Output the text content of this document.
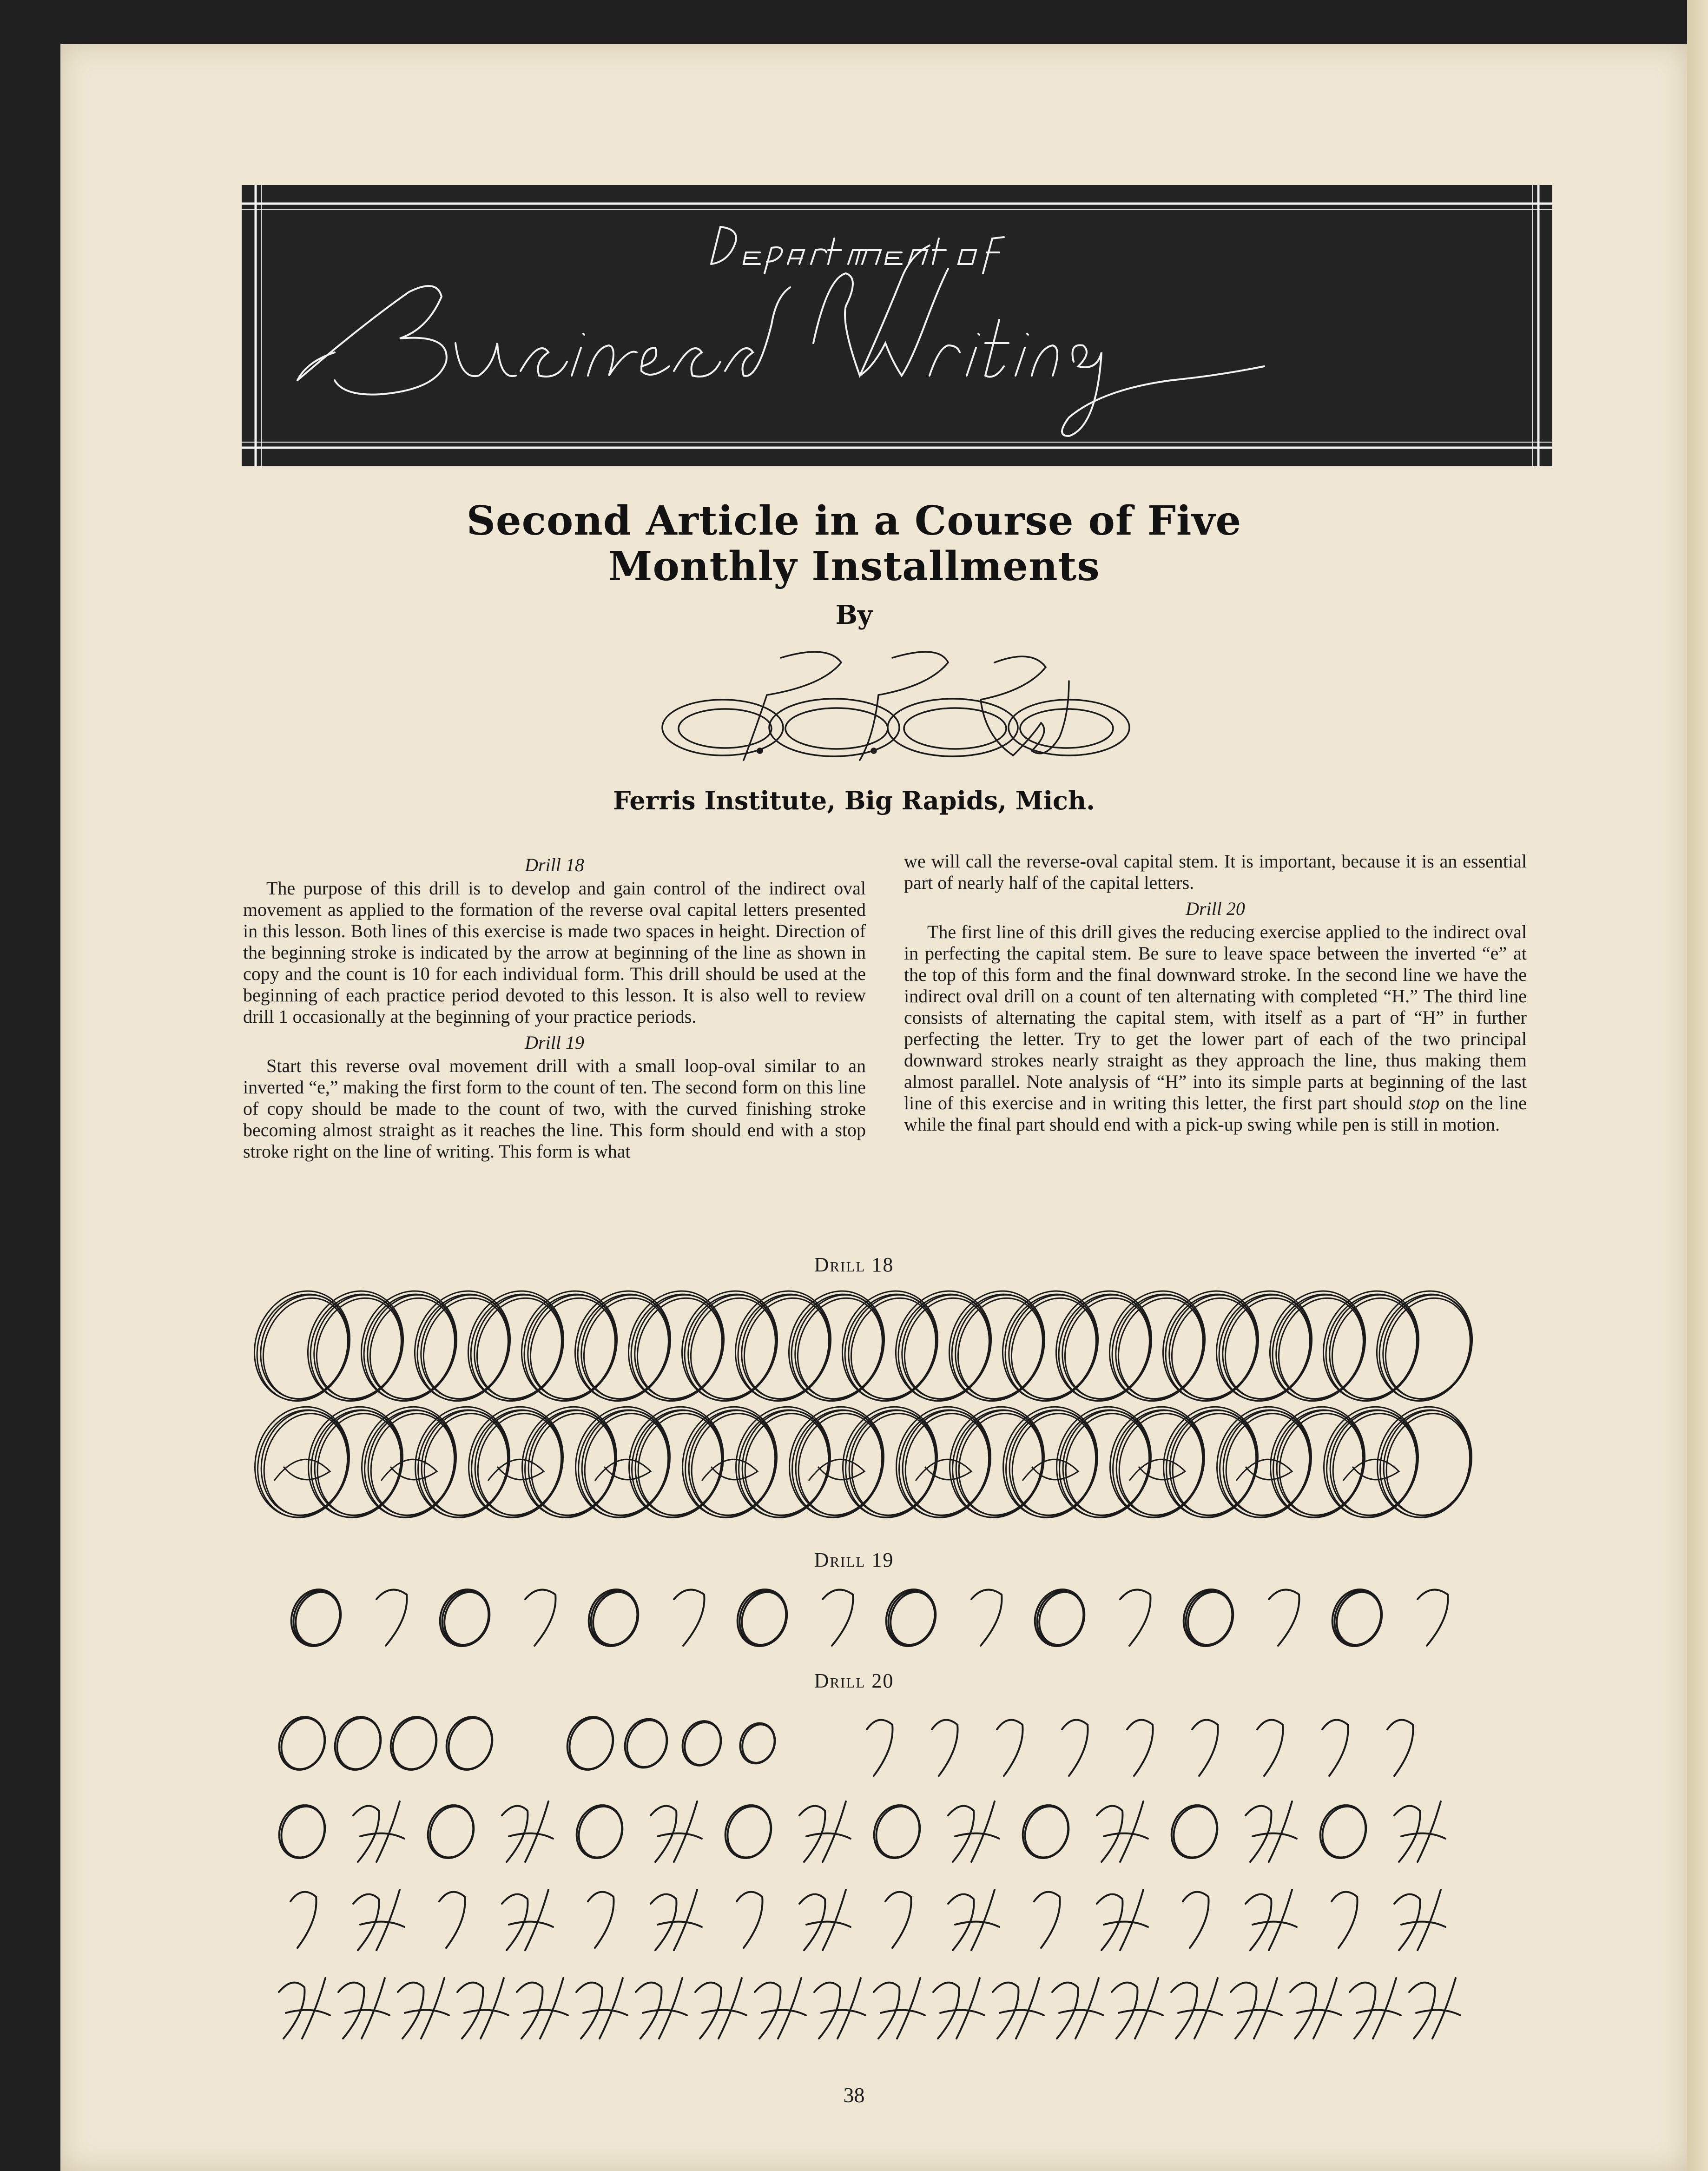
Second Article in a Course of Five
Monthly Installments
By
Ferris Institute, Big Rapids, Mich.
Drill 18

The purpose of this drill is to develop and gain control of the indirect oval movement as applied to the formation of the reverse oval capital letters presented in this lesson. Both lines of this exercise is made two spaces in height. Direction of the beginning stroke is indicated by the arrow at beginning of the line as shown in copy and the count is 10 for each individual form. This drill should be used at the beginning of each practice period devoted to this lesson. It is also well to review drill 1 occasionally at the beginning of your practice periods.

Drill 19

Start this reverse oval movement drill with a small loop-oval similar to an inverted “e,” making the first form to the count of ten. The second form on this line of copy should be made to the count of two, with the curved finishing stroke becoming almost straight as it reaches the line. This form should end with a stop stroke right on the line of writing. This form is what

we will call the reverse-oval capital stem. It is important, because it is an essential part of nearly half of the capital letters.

Drill 20

The first line of this drill gives the reducing exercise applied to the indirect oval in perfecting the capital stem. Be sure to leave space between the inverted “e” at the top of this form and the final downward stroke. In the second line we have the indirect oval drill on a count of ten alternating with completed “H.” The third line consists of alternating the capital stem, with itself as a part of “H” in further perfecting the letter. Try to get the lower part of each of the two principal downward strokes nearly straight as they approach the line, thus making them almost parallel. Note analysis of “H” into its simple parts at beginning of the last line of this exercise and in writing this letter, the first part should stop on the line while the final part should end with a pick-up swing while pen is still in motion.

Drill 18
Drill 19
Drill 20
38
